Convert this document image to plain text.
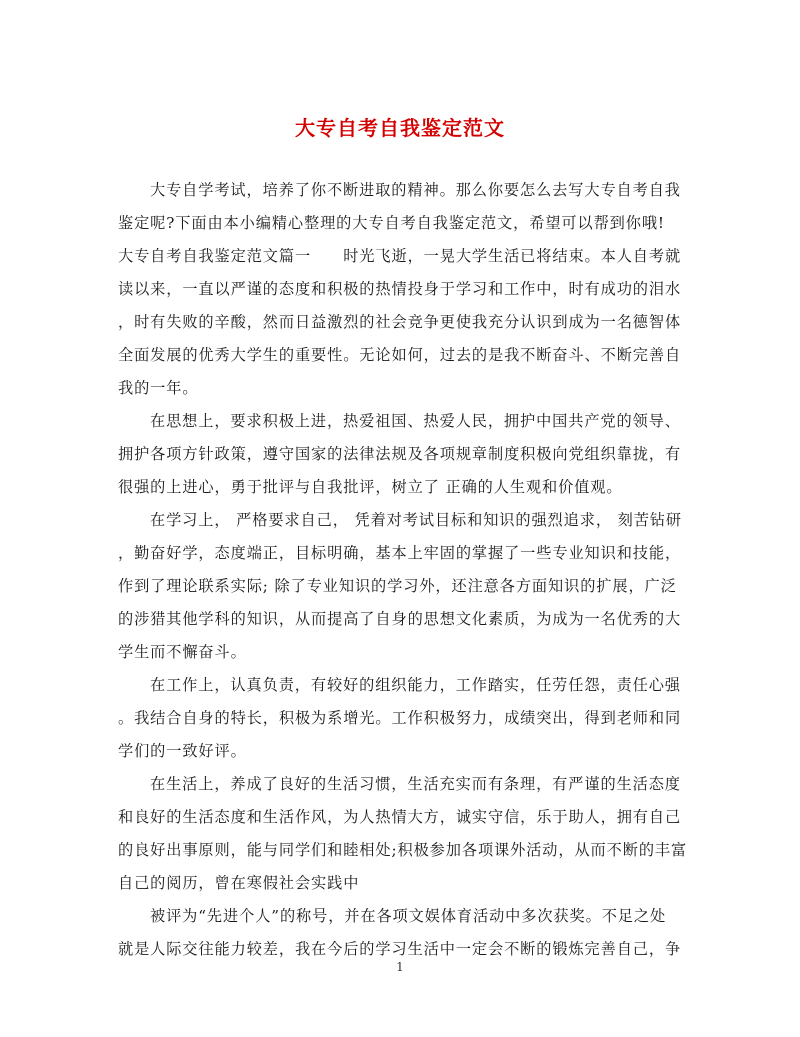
大专自考自我鉴定范文
大专自学考试，培养了你不断进取的精神。那么你要怎么去写大专自考自我
鉴定呢?下面由本小编精心整理的大专自考自我鉴定范文，希望可以帮到你哦!
大专自考自我鉴定范文篇一　　时光飞逝，一晃大学生活已将结束。本人自考就
读以来，一直以严谨的态度和积极的热情投身于学习和工作中，时有成功的泪水
，时有失败的辛酸，然而日益激烈的社会竞争更使我充分认识到成为一名德智体
全面发展的优秀大学生的重要性。无论如何，过去的是我不断奋斗、不断完善自
我的一年。
在思想上，要求积极上进，热爱祖国、热爱人民，拥护中国共产党的领导、
拥护各项方针政策，遵守国家的法律法规及各项规章制度积极向党组织靠拢，有
很强的上进心，勇于批评与自我批评，树立了 正确的人生观和价值观。
在学习上， 严格要求自己， 凭着对考试目标和知识的强烈追求， 刻苦钻研
，勤奋好学，态度端正，目标明确，基本上牢固的掌握了一些专业知识和技能，
作到了理论联系实际; 除了专业知识的学习外，还注意各方面知识的扩展，广泛
的涉猎其他学科的知识，从而提高了自身的思想文化素质，为成为一名优秀的大
学生而不懈奋斗。
在工作上，认真负责，有较好的组织能力，工作踏实，任劳任怨，责任心强
。我结合自身的特长，积极为系增光。工作积极努力，成绩突出，得到老师和同
学们的一致好评。
在生活上，养成了良好的生活习惯，生活充实而有条理，有严谨的生活态度
和良好的生活态度和生活作风，为人热情大方，诚实守信，乐于助人，拥有自己
的良好出事原则，能与同学们和睦相处;积极参加各项课外活动，从而不断的丰富
自己的阅历，曾在寒假社会实践中
被评为“先进个人”的称号，并在各项文娱体育活动中多次获奖。不足之处
就是人际交往能力较差，我在今后的学习生活中一定会不断的锻炼完善自己，争
1
